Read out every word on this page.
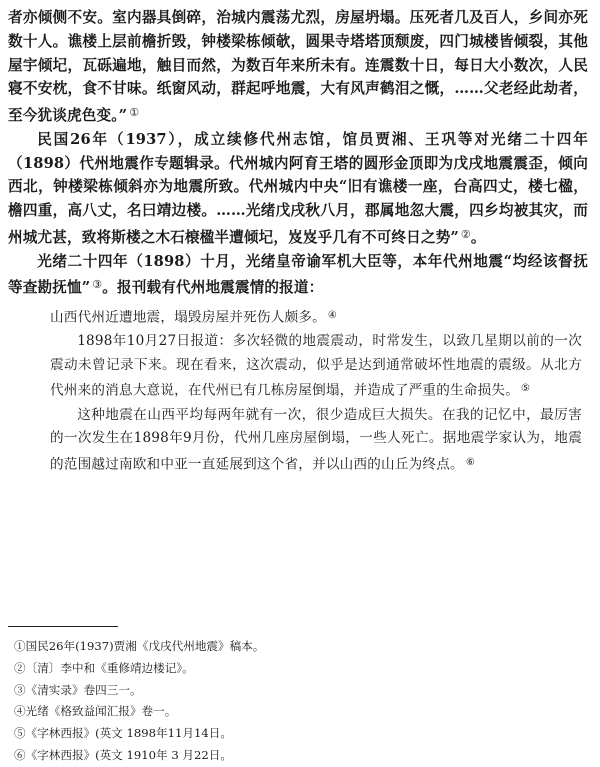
者亦倾侧不安。室内器具倒碎，治城内震荡尤烈，房屋坍塌。压死者几及百人，乡间亦死数十人。谯楼上层前檐折毁，钟楼梁栋倾欹，圆果寺塔塔顶颓废，四门城楼皆倾裂，其他屋宇倾圮，瓦砾遍地，触目而然，为数百年来所未有。连震数十日，每日大小数次，人民寝不安枕，食不甘味。纸窗风动，群起呼地震，大有风声鹤泪之慨，……父老经此劫者，至今犹谈虎色变。” ①

民国26年（1937），成立续修代州志馆，馆员贾湘、王巩等对光绪二十四年（1898）代州地震作专题辑录。代州城内阿育王塔的圆形金顶即为戊戌地震震歪，倾向西北，钟楼梁栋倾斜亦为地震所致。代州城内中央“旧有谯楼一座，台高四丈，楼七楹，檐四重，高八丈，名曰靖边楼。……光绪戊戌秋八月，郡属地忽大震，四乡均被其灾，而州城尤甚，致将斯楼之木石榱楹半遭倾圮，岌岌乎几有不可终日之势” ②。

光绪二十四年（1898）十月，光绪皇帝谕军机大臣等，本年代州地震“均经该督抚等查勘抚恤” ③。报刊载有代州地震震情的报道：

山西代州近遭地震，塌毁房屋并死伤人颇多。 ④

1898年10月27日报道：多次轻微的地震震动，时常发生，以致几星期以前的一次震动未曾记录下来。现在看来，这次震动，似乎是达到通常破坏性地震的震级。从北方代州来的消息大意说，在代州已有几栋房屋倒塌，并造成了严重的生命损失。 ⑤

这种地震在山西平均每两年就有一次，很少造成巨大损失。在我的记忆中，最厉害的一次发生在1898年9月份，代州几座房屋倒塌，一些人死亡。据地震学家认为，地震的范围越过南欧和中亚一直延展到这个省，并以山西的山丘为终点。 ⑥

①国民26年(1937)贾湘《戊戌代州地震》稿本。
②〔清〕李中和《重修靖边楼记》。
③《清实录》卷四三一。
④光绪《格致益闻汇报》卷一。
⑤《字林西报》(英文 1898年11月14日。
⑥《字林西报》(英文 1910年 3 月22日。
